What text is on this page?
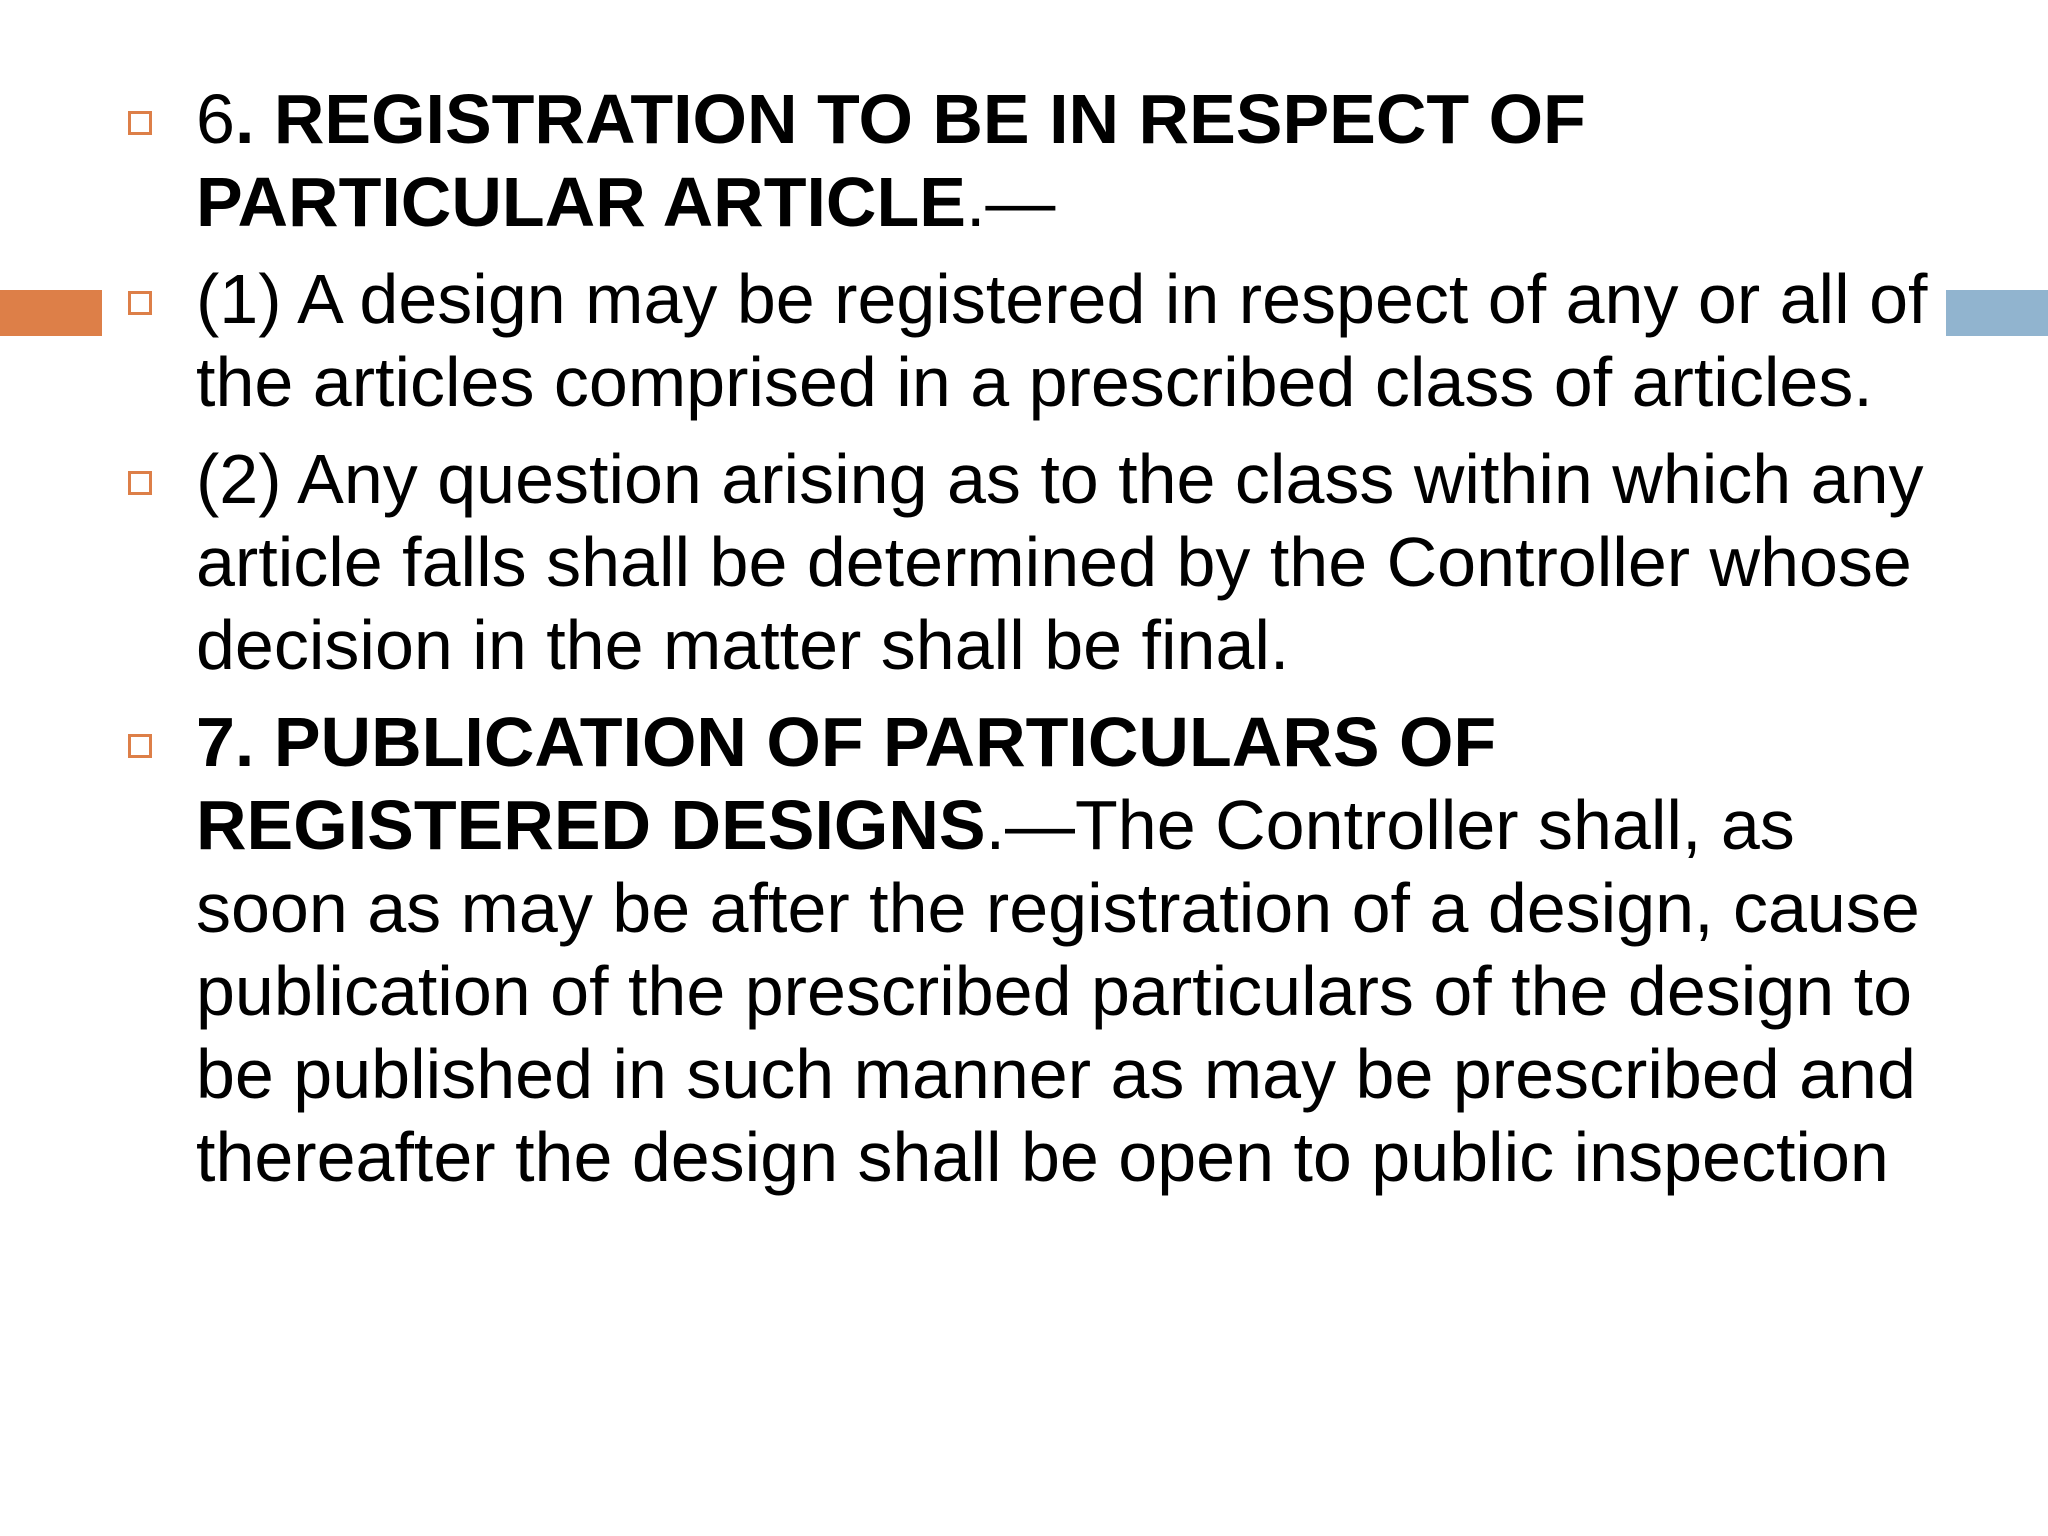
6. REGISTRATION TO BE IN RESPECT OF PARTICULAR ARTICLE.—
(1) A design may be registered in respect of any or all of the articles comprised in a prescribed class of articles.
(2) Any question arising as to the class within which any article falls shall be determined by the Controller whose decision in the matter shall be final.
7. PUBLICATION OF PARTICULARS OF REGISTERED DESIGNS.—The Controller shall, as soon as may be after the registration of a design, cause publication of the prescribed particulars of the design to be published in such manner as may be prescribed and thereafter the design shall be open to public inspection
